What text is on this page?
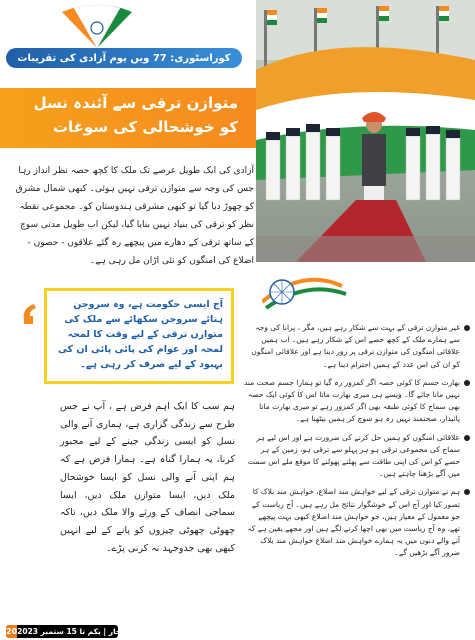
کوراسٹوری: 77 ویں یوم آزادی کی تقریبات
متوازن ترقی سے آئندہ نسل
کو خوشحالی کی سوغات
آزادی کی ایک طویل عرصے تک ملک کا کچھ حصہ نظر انداز رہا جس کی وجہ سے متوازن ترقی نہیں ہوئی۔ کبھی شمال مشرق کو چھوڑ دیا گیا تو کبھی مشرقی ہندوستان کو۔ مجموعی نقطہ نظر کو ترقی کی بنیاد نہیں بنایا گیا، لیکن اب طویل مدتی سوچ کے ساتھ ترقی کے دھارے میں پیچھے رہ گئے علاقوں - حصوں - اضلاع کی امنگوں کو نئی اڑان مل رہی ہے۔

آج ایسی حکومت ہے، وہ سروجن ہتائے سروجن سکھائے سے ملک کی متوازن ترقی کے لیے وقت کا لمحہ لمحہ اور عوام کی پائی پائی ان کی بہبود کے لیے صرف کر رہی ہے۔

غیر متوازن ترقی کے بہت سے شکار رہے ہیں، مگر ، پرانا کی وجہ سے ہمارے ملک کے کچھ حصے اس کے شکار رہے ہیں۔ اب ہمیں علاقائی امنگوں کی متوازن ترقی پر زور دینا ہے اور علاقائی امنگوں کو ان کی اس عدد کے ہمیں احترام دینا ہے۔
بھارت جسم کا کوئی حصہ اگر کمزور رہ گیا تو ہمارا جسم صحت مند نہیں مانا جائے گا۔ ویسے ہی میری بھارت ماتا اس کا کوئی ایک حصہ بھی سماج کا کوئی طبقہ بھی اگر کمزور رہے تو میری بھارت ماتا پائیدار، صحتمند نہیں رہ ہو سوچ کر ہمیں بیٹھنا ہے۔
علاقائی امنگوں کو ہمیں حل کرنے کی ضرورت ہے اور اس لیے ہر سماج کی مجموعی ترقی ہو ہر پہلو سے ترقی ہو، زمین کے ہر حصے کو اس کی اپنی طاقت سے پھلنے پھولنے کا موقع ملے اس سمت میں آگے بڑھنا چاہتے ہیں۔
ہم نے متوازن ترقی کے لیے خواہش مند اضلاع، خواہش مند بلاک کا تصور کیا اور آج اس کے خوشگوار نتائج مل رہے ہیں۔ آج ریاست کے جو معمول کے معیار ہیں، جو خواہش مند اضلاع کبھی بہت پیچھے تھے، وہ آج ریاست میں بھی اچھا کرنے لگے ہیں اور مجھے یقین ہے کہ آنے والے دنوں میں یہ ہمارے خواہش مند اضلاع خواہش مند بلاک ضرور آگے بڑھیں گے۔
ہم سب کا ایک اہم فرض ہے ، آپ نے جس طرح سے زندگی گزاری ہے، ہماری آنے والی نسل کو ایسی زندگی جینے کے لیے مجبور کرنا، یہ ہمارا گناہ ہے۔ ہمارا فرض ہے کہ ہم اپنی آنے والی نسل کو ایسا خوشحال ملک دیں، ایسا متوازن ملک دیں، ایسا سماجی انصاف کے ورثے والا ملک دیں، تاکہ چھوٹی چھوٹی چیزوں کو پانے کے لیے انہیں کبھی بھی جدوجہد نہ کرنی پڑے۔
20 نیو انڈیا سماچار | یکم تا 15 ستمبر 2023
